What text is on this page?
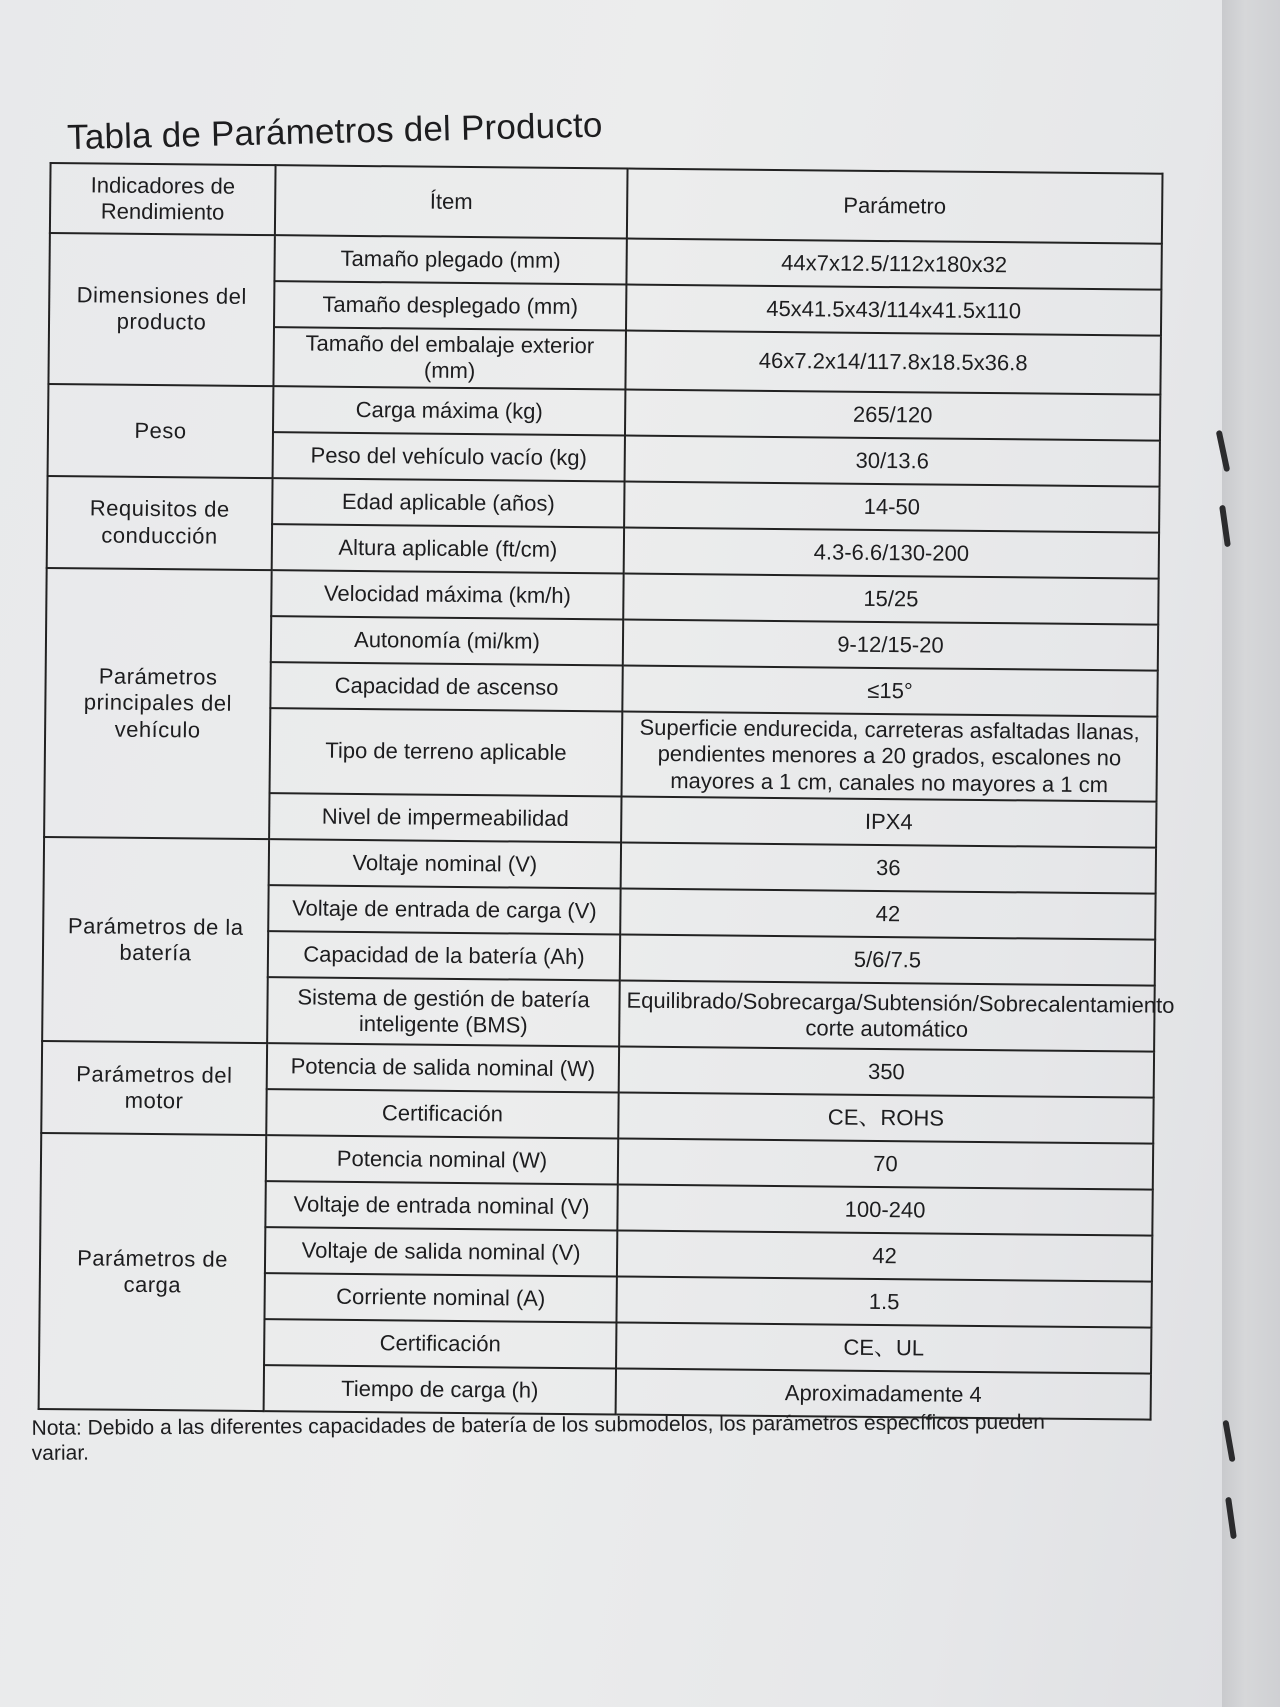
Tabla de Parámetros del Producto
Indicadores de Rendimiento	Ítem	Parámetro
Dimensiones del producto	Tamaño plegado (mm)	44x7x12.5/112x180x32
	Tamaño desplegado (mm)	45x41.5x43/114x41.5x110
	Tamaño del embalaje exterior (mm)	46x7.2x14/117.8x18.5x36.8
Peso	Carga máxima (kg)	265/120
	Peso del vehículo vacío (kg)	30/13.6
Requisitos de conducción	Edad aplicable (años)	14-50
	Altura aplicable (ft/cm)	4.3-6.6/130-200
Parámetros principales del vehículo	Velocidad máxima (km/h)	15/25
	Autonomía (mi/km)	9-12/15-20
	Capacidad de ascenso	≤15°
	Tipo de terreno aplicable	Superficie endurecida, carreteras asfaltadas llanas, pendientes menores a 20 grados, escalones no mayores a 1 cm, canales no mayores a 1 cm
	Nivel de impermeabilidad	IPX4
Parámetros de la batería	Voltaje nominal (V)	36
	Voltaje de entrada de carga (V)	42
	Capacidad de la batería (Ah)	5/6/7.5
	Sistema de gestión de batería inteligente (BMS)	Equilibrado/Sobrecarga/Subtensión/Sobrecalentamiento corte automático
Parámetros del motor	Potencia de salida nominal (W)	350
	Certificación	CE、ROHS
Parámetros de carga	Potencia nominal (W)	70
	Voltaje de entrada nominal (V)	100-240
	Voltaje de salida nominal (V)	42
	Corriente nominal (A)	1.5
	Certificación	CE、UL
	Tiempo de carga (h)	Aproximadamente 4
Nota: Debido a las diferentes capacidades de batería de los submodelos, los parámetros específicos pueden variar.
